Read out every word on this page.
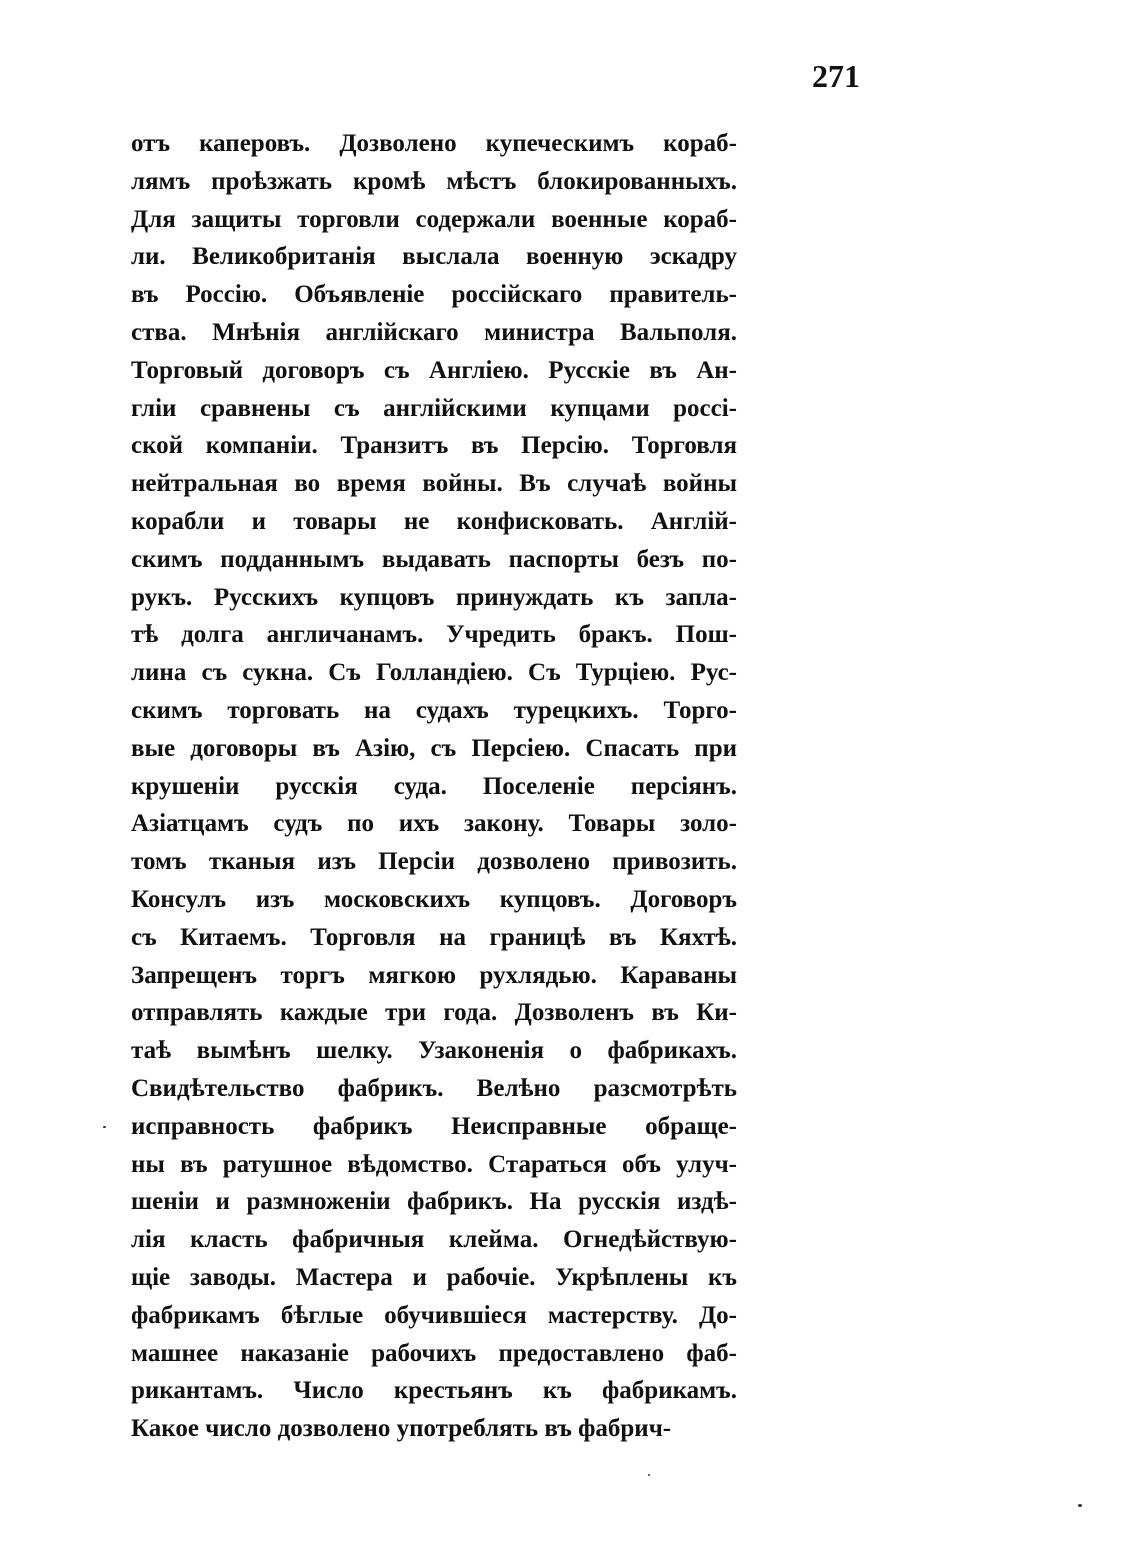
271
отъ каперовъ. Дозволено купеческимъ кораб-
лямъ проѣзжать кромѣ мѣстъ блокированныхъ.
Для защиты торговли содержали военные кораб-
ли. Великобританія выслала военную эскадру
въ Россію. Объявленіе россійскаго правитель-
ства. Мнѣнія англійскаго министра Вальполя.
Торговый договоръ съ Англіею. Русскіе въ Ан-
гліи сравнены съ англійскими купцами россі-
ской компаніи. Транзитъ въ Персію. Торговля
нейтральная во время войны. Въ случаѣ войны
корабли и товары не конфисковать. Англій-
скимъ подданнымъ выдавать паспорты безъ по-
рукъ. Русскихъ купцовъ принуждать къ запла-
тѣ долга англичанамъ. Учредить бракъ. Пош-
лина съ сукна. Съ Голландіею. Съ Турціею. Рус-
скимъ торговать на судахъ турецкихъ. Торго-
вые договоры въ Азію, съ Персіею. Спасать при
крушеніи русскія суда. Поселеніе персіянъ.
Азіатцамъ судъ по ихъ закону. Товары золо-
томъ тканыя изъ Персіи дозволено привозить.
Консулъ изъ московскихъ купцовъ. Договоръ
съ Китаемъ. Торговля на границѣ въ Кяхтѣ.
Запрещенъ торгъ мягкою рухлядью. Караваны
отправлять каждые три года. Дозволенъ въ Ки-
таѣ вымѣнъ шелку. Узаконенія о фабрикахъ.
Свидѣтельство фабрикъ. Велѣно разсмотрѣть
исправность фабрикъ Неисправные обращe-
ны въ ратушное вѣдомство. Стараться объ улуч-
шеніи и размноженіи фабрикъ. На русскія издѣ-
лія класть фабричныя клейма. Огнедѣйствую-
щіе заводы. Мастера и рабочіе. Укрѣплены къ
фабрикамъ бѣглые обучившіеся мастерству. До-
машнее наказаніе рабочихъ предоставлено фаб-
рикантамъ. Число крестьянъ къ фабрикамъ.
Какое число дозволено употреблять въ фабрич-
